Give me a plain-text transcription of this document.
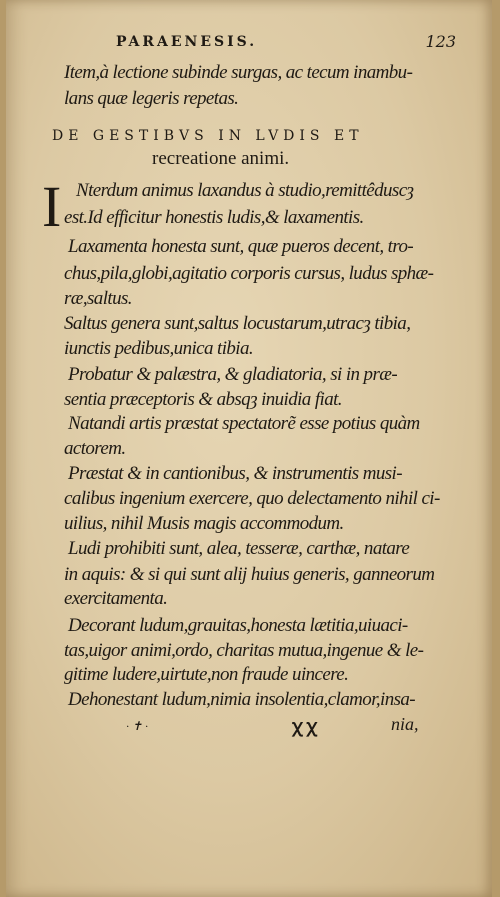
PARAENESIS.	123
Item,à lectione subinde surgas, ac tecum inambu-
lans quæ legeris repetas.
DE GESTIBVS IN LVDIS ET
recreatione animi.
I Nterdum animus laxandus à studio,remittêduscȝ
est.Id efficitur honestis ludis,& laxamentis.
Laxamenta honesta sunt, quæ pueros decent, tro-
chus,pila,globi,agitatio corporis cursus, ludus sphæ-
ræ,saltus.
Saltus genera sunt,saltus locustarum,utracȝ tibia,
iunctis pedibus,unica tibia.
Probatur & palæstra, & gladiatoria, si in præ-
sentia præceptoris & absqȝ inuidia fiat.
Natandi artis præstat spectatorẽ esse potius quàm
actorem.
Præstat & in cantionibus, & instrumentis musi-
calibus ingenium exercere, quo delectamento nihil ci-
uilius, nihil Musis magis accommodum.
Ludi prohibiti sunt, alea, tesseræ, carthæ, natare
in aquis: & si qui sunt alij huius generis, ganneorum
exercitamenta.
Decorant ludum,grauitas,honesta lætitia,uiuaci-
tas,uigor animi,ordo, charitas mutua,ingenue & le-
gitime ludere,uirtute,non fraude uincere.
Dehonestant ludum,nimia insolentia,clamor,insa-
· ✝ ·	ꭓ ꭓ	nia,
